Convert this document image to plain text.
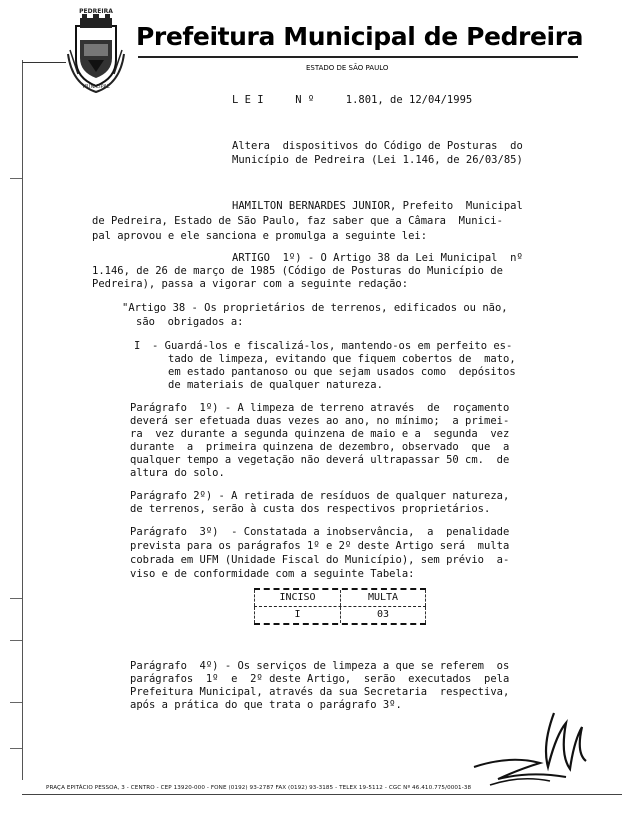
MUNICIPAL
PEDREIRA
Prefeitura Municipal de Pedreira
ESTADO DE SÃO PAULO
L E I     N º     1.801, de 12/04/1995
Altera  dispositivos do Código de Posturas  do
Município de Pedreira (Lei 1.146, de 26/03/85)
HAMILTON BERNARDES JUNIOR, Prefeito  Municipal
de Pedreira, Estado de São Paulo, faz saber que a Câmara  Munici-
pal aprovou e ele sanciona e promulga a seguinte lei:
ARTIGO  1º) - O Artigo 38 da Lei Municipal  nº
1.146, de 26 de março de 1985 (Código de Posturas do Município de
Pedreira), passa a vigorar com a seguinte redação:
"Artigo 38 - Os proprietários de terrenos, edificados ou não,
são  obrigados a:
I - Guardá-los e fiscalizá-los, mantendo-os em perfeito es-
tado de limpeza, evitando que fiquem cobertos de  mato,
em estado pantanoso ou que sejam usados como  depósitos
de materiais de qualquer natureza.
Parágrafo  1º) - A limpeza de terreno através  de  roçamento
deverá ser efetuada duas vezes ao ano, no mínimo;  a primei-
ra  vez durante a segunda quinzena de maio e a  segunda  vez
durante  a  primeira quinzena de dezembro, observado  que  a
qualquer tempo a vegetação não deverá ultrapassar 50 cm.  de
altura do solo.
Parágrafo 2º) - A retirada de resíduos de qualquer natureza,
de terrenos, serão à custa dos respectivos proprietários.
Parágrafo  3º)  - Constatada a inobservância,  a  penalidade
prevista para os parágrafos 1º e 2º deste Artigo será  multa
cobrada em UFM (Unidade Fiscal do Município), sem prévio  a-
viso e de conformidade com a seguinte Tabela:
INCISO	MULTA
I	03
Parágrafo  4º) - Os serviços de limpeza a que se referem  os
parágrafos  1º  e  2º deste Artigo,  serão  executados  pela
Prefeitura Municipal, através da sua Secretaria  respectiva,
após a prática do que trata o parágrafo 3º.
PRAÇA EPITÁCIO PESSOA, 3 - CENTRO - CEP 13920-000 - FONE (0192) 93-2787 FAX (0192) 93-3185 - TELEX 19-5112 - CGC Nº 46.410.775/0001-38
